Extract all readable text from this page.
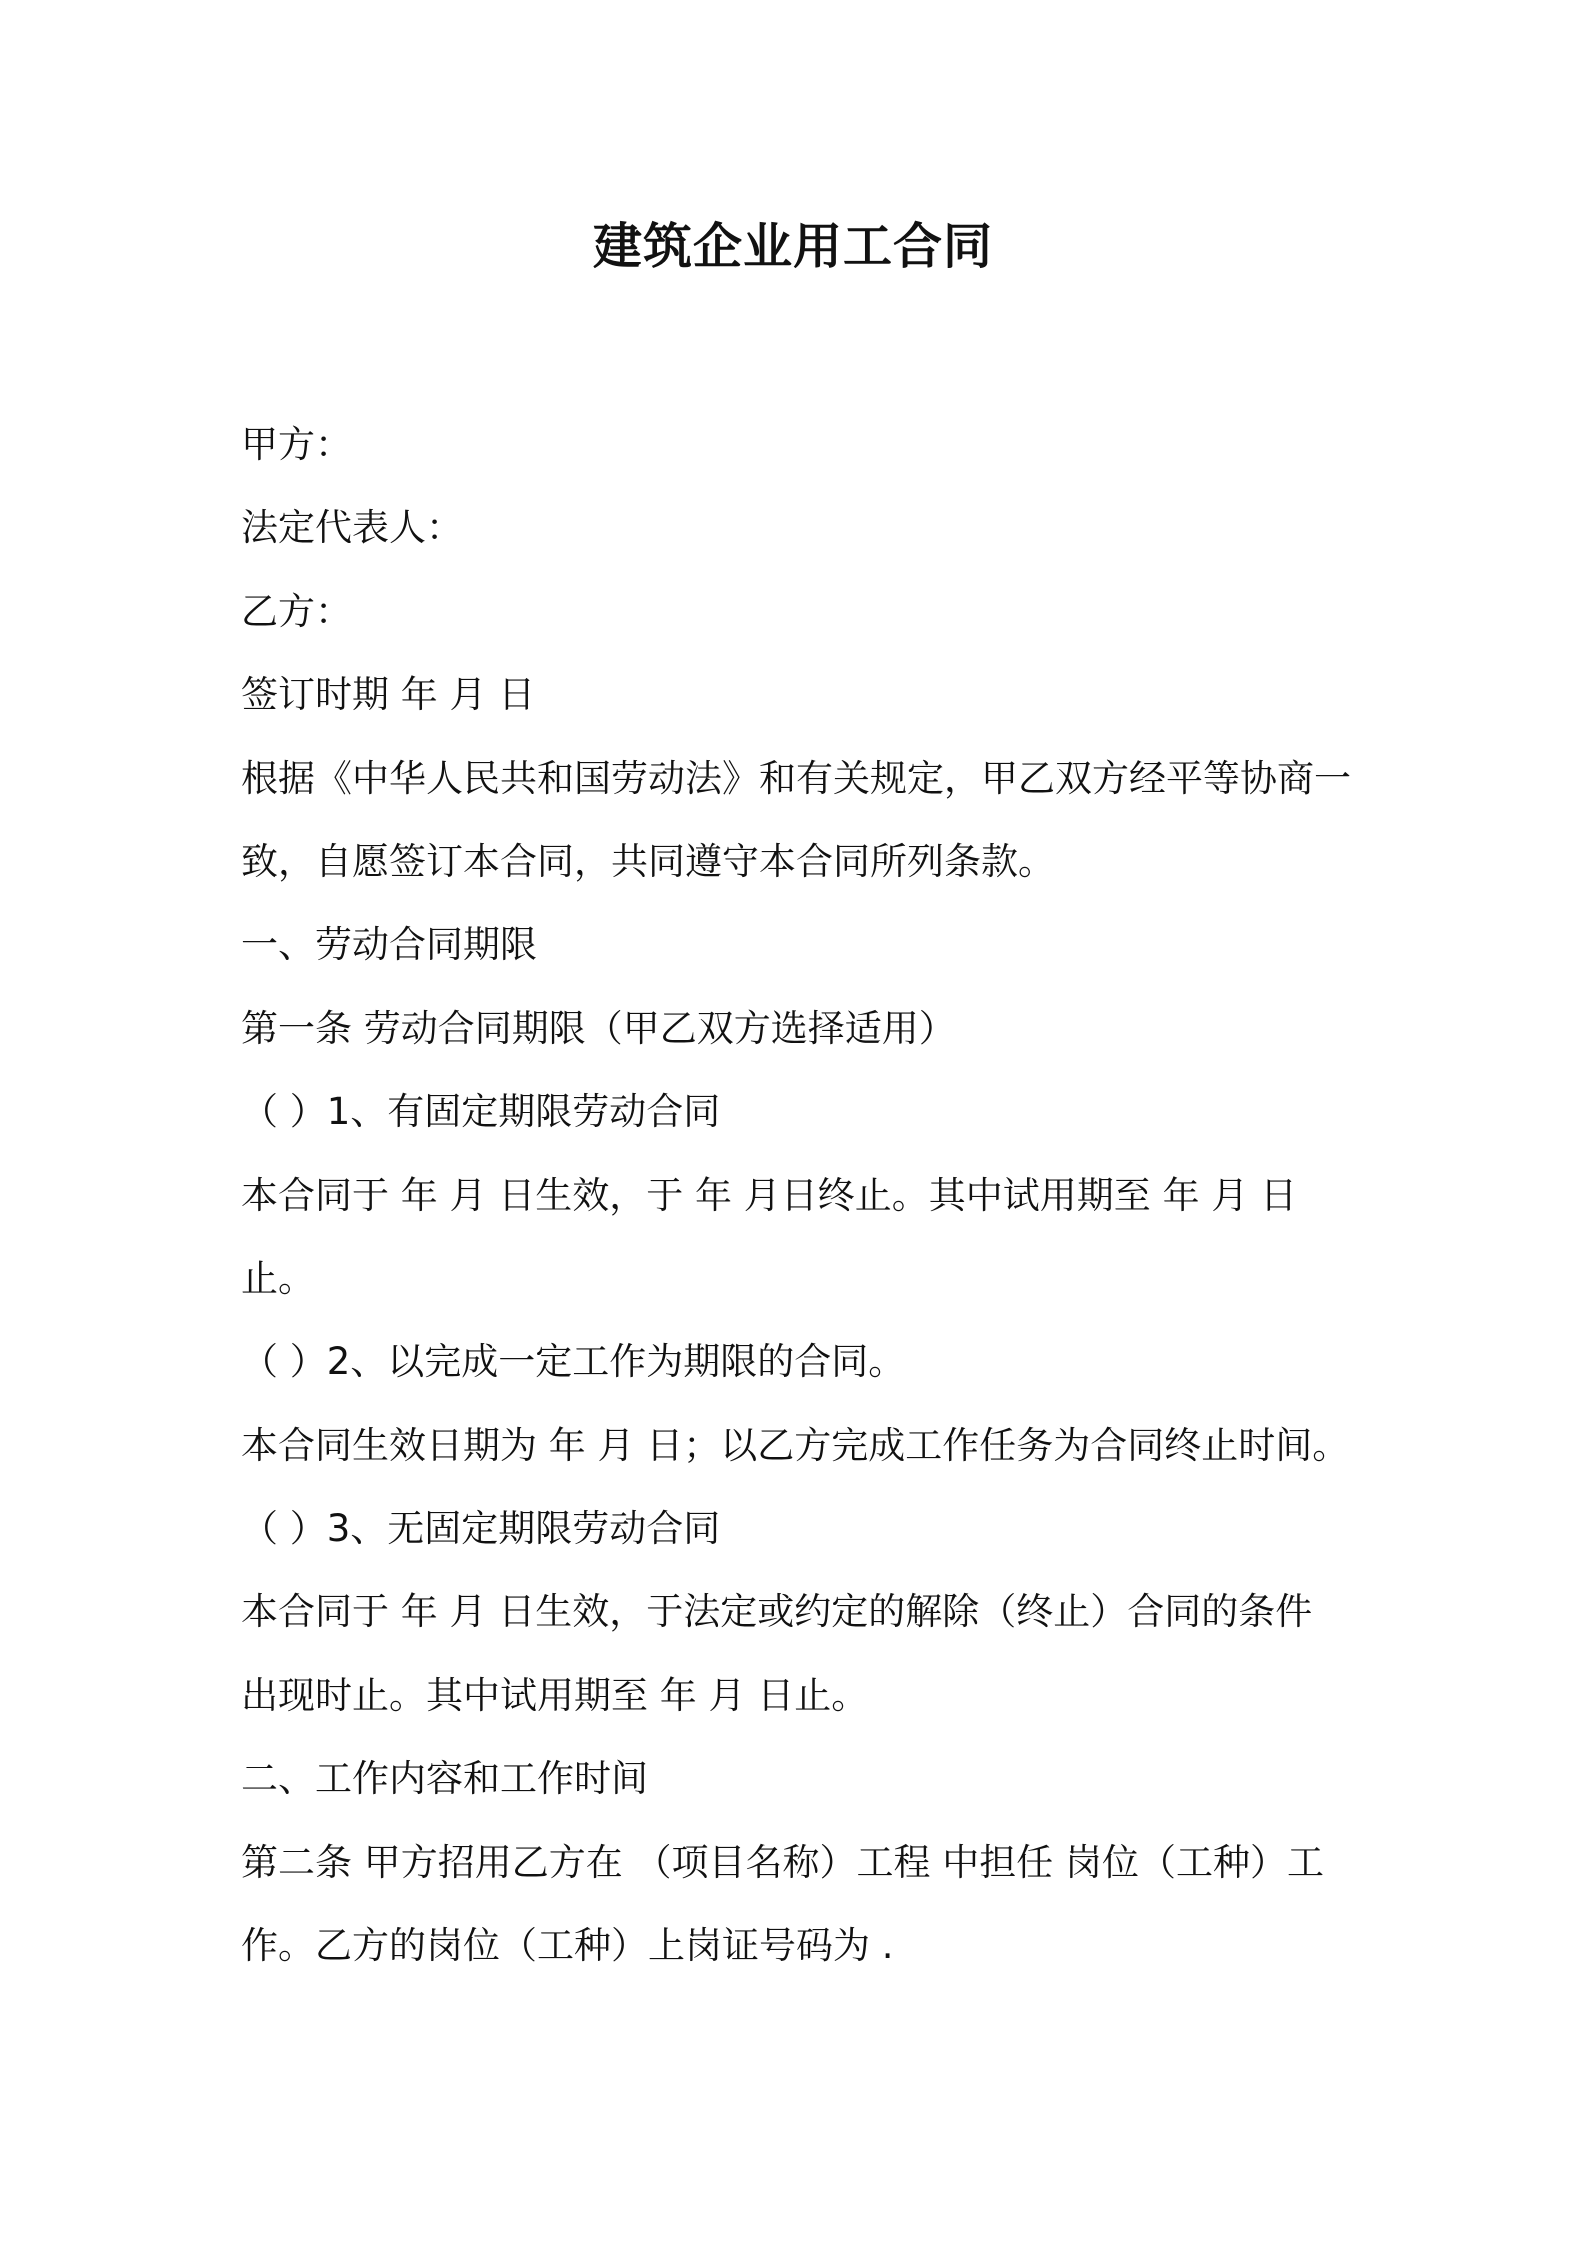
建筑企业用工合同
甲方：
法定代表人：
乙方：
签订时期 年 月 日
根据《中华人民共和国劳动法》和有关规定，甲乙双方经平等协商一
致，自愿签订本合同，共同遵守本合同所列条款。
一、劳动合同期限
第一条 劳动合同期限（甲乙双方选择适用）
（ ）1、有固定期限劳动合同
本合同于 年 月 日生效，于 年 月日终止。其中试用期至 年 月 日
止。
（ ）2、以完成一定工作为期限的合同。
本合同生效日期为 年 月 日；以乙方完成工作任务为合同终止时间。
（ ）3、无固定期限劳动合同
本合同于 年 月 日生效，于法定或约定的解除（终止）合同的条件
出现时止。其中试用期至 年 月 日止。
二、工作内容和工作时间
第二条 甲方招用乙方在 （项目名称）工程 中担任 岗位（工种）工
作。乙方的岗位（工种）上岗证号码为 .
